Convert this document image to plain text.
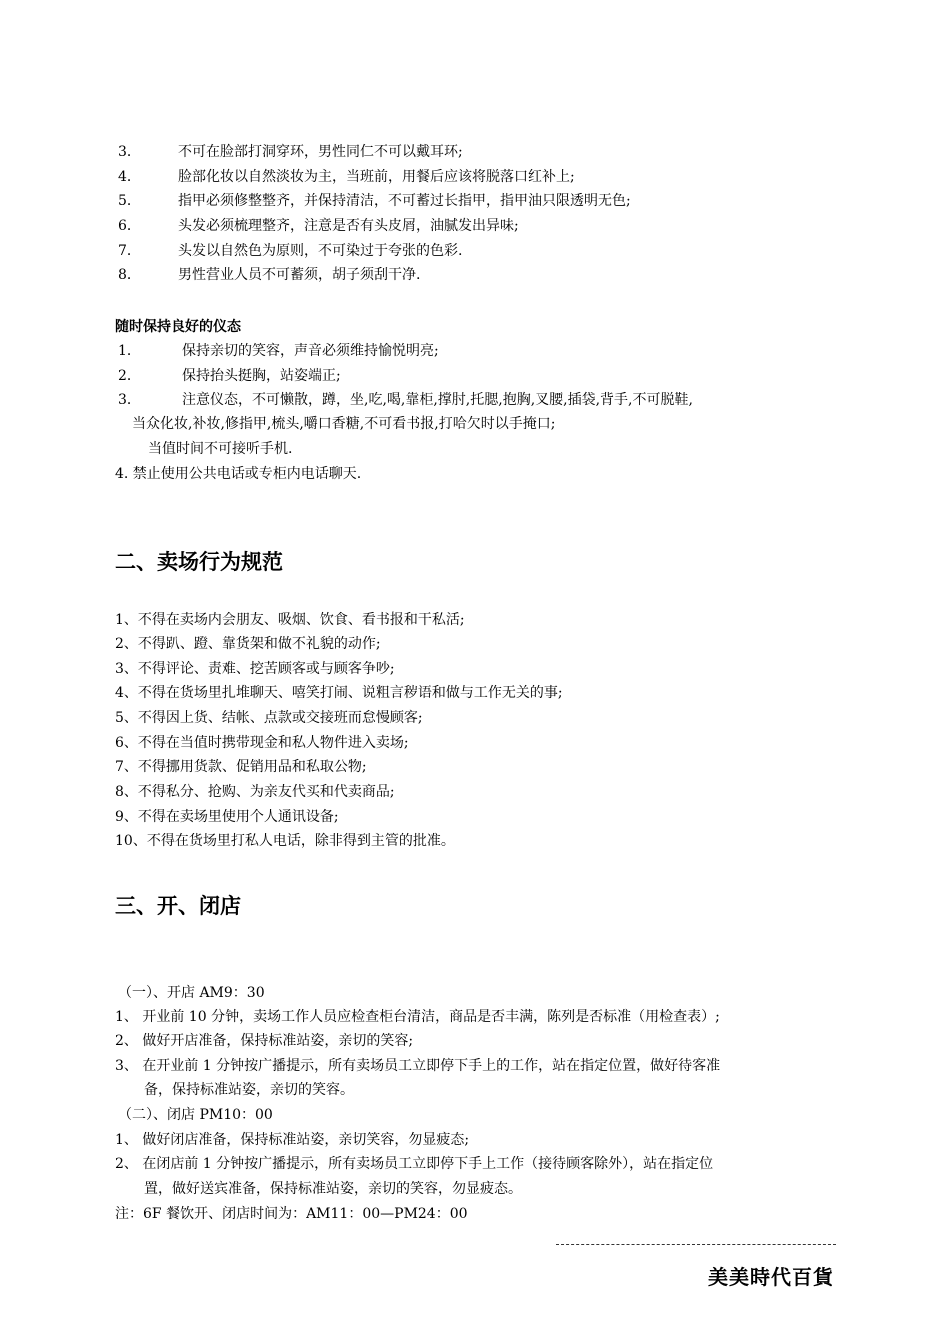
3．	不可在脸部打洞穿环，男性同仁不可以戴耳环;
4．	脸部化妆以自然淡妆为主，当班前，用餐后应该将脱落口红补上;
5．	指甲必须修整整齐，并保持清洁，不可蓄过长指甲，指甲油只限透明无色;
6．	头发必须梳理整齐，注意是否有头皮屑，油腻发出异味;
7．	头发以自然色为原则，不可染过于夸张的色彩.
8．	男性营业人员不可蓄须，胡子须刮干净.
随时保持良好的仪态
1．	保持亲切的笑容，声音必须维持愉悦明亮;
2．	保持抬头挺胸，站姿端正;
3．	注意仪态，不可懒散，蹲，坐,吃,喝,靠柜,撑肘,托腮,抱胸,叉腰,插袋,背手,不可脱鞋,
当众化妆,补妆,修指甲,梳头,嚼口香糖,不可看书报,打哈欠时以手掩口;
当值时间不可接听手机.
4. 禁止使用公共电话或专柜内电话聊天.
二、卖场行为规范
1、不得在卖场内会朋友、吸烟、饮食、看书报和干私活;
2、不得趴、蹬、靠货架和做不礼貌的动作;
3、不得评论、责难、挖苦顾客或与顾客争吵;
4、不得在货场里扎堆聊天、嘻笑打闹、说粗言秽语和做与工作无关的事;
5、不得因上货、结帐、点款或交接班而怠慢顾客;
6、不得在当值时携带现金和私人物件进入卖场;
7、不得挪用货款、促销用品和私取公物;
8、不得私分、抢购、为亲友代买和代卖商品;
9、不得在卖场里使用个人通讯设备;
10、不得在货场里打私人电话，除非得到主管的批准。
三、开、闭店
（一）、开店 AM9：30
1、 开业前 10 分钟，卖场工作人员应检查柜台清洁，商品是否丰满，陈列是否标准（用检查表）;
2、 做好开店准备，保持标准站姿，亲切的笑容;
3、 在开业前 1 分钟按广播提示，所有卖场员工立即停下手上的工作，站在指定位置，做好待客准
备，保持标准站姿，亲切的笑容。
（二）、闭店 PM10：00
1、 做好闭店准备，保持标准站姿，亲切笑容，勿显疲态;
2、 在闭店前 1 分钟按广播提示，所有卖场员工立即停下手上工作（接待顾客除外），站在指定位
置，做好送宾准备，保持标准站姿，亲切的笑容，勿显疲态。
注：6F 餐饮开、闭店时间为：AM11：00—PM24：00
美美時代百貨
